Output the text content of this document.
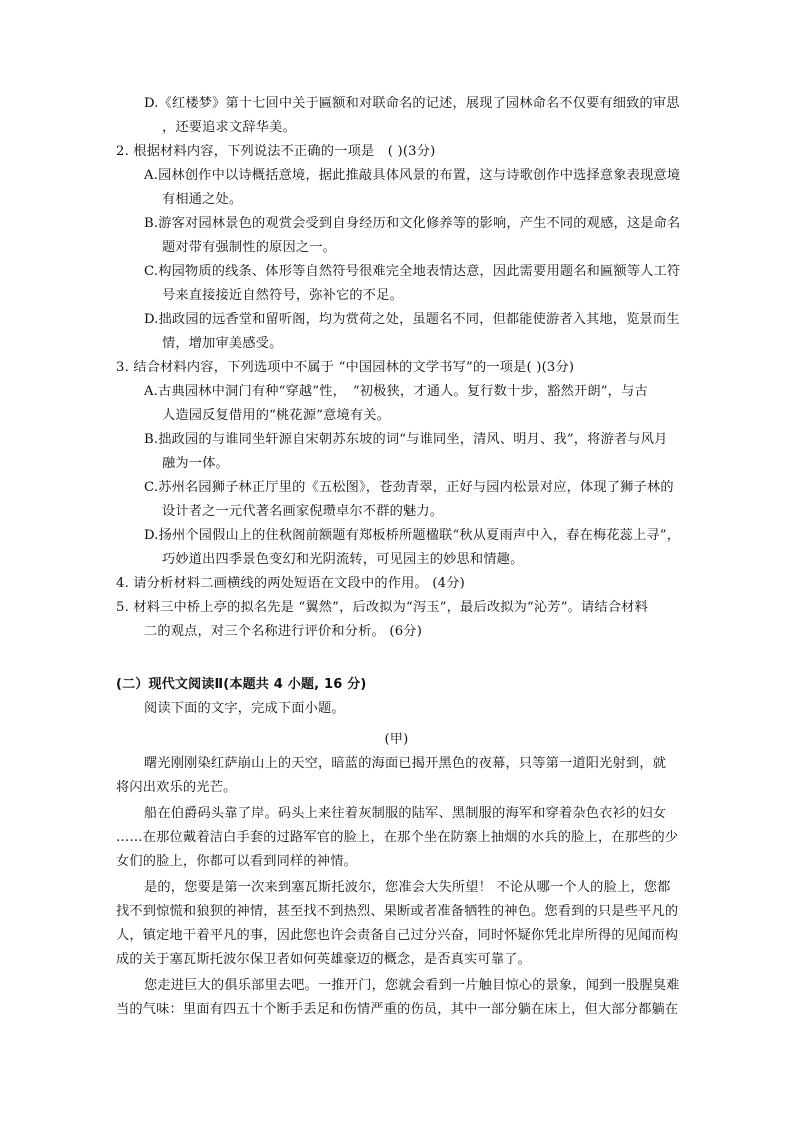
D.《红楼梦》第十七回中关于匾额和对联命名的记述，展现了园林命名不仅要有细致的审思
，还要追求文辞华美。
2. 根据材料内容，下列说法不正确的一项是　( )(3分)
A.园林创作中以诗概括意境，据此推敲具体风景的布置，这与诗歌创作中选择意象表现意境
有相通之处。
B.游客对园林景色的观赏会受到自身经历和文化修养等的影响，产生不同的观感，这是命名
题对带有强制性的原因之一。
C.构园物质的线条、体形等自然符号很难完全地表情达意，因此需要用题名和匾额等人工符
号来直接接近自然符号，弥补它的不足。
D.拙政园的远香堂和留听阁，均为赏荷之处，虽题名不同，但都能使游者入其地，览景而生
情，增加审美感受。
3. 结合材料内容，下列选项中不属于 “中国园林的文学书写”的一项是( )(3分)
A.古典园林中洞门有种“穿越”性，　“初极狭，才通人。复行数十步，豁然开朗”，与古
人造园反复借用的“桃花源”意境有关。
B.拙政园的与谁同坐轩源自宋朝苏东坡的词“与谁同坐，清风、明月、我”，将游者与风月
融为一体。
C.苏州名园狮子林正厅里的《五松图》，苍劲青翠，正好与园内松景对应，体现了狮子林的
设计者之一元代著名画家倪瓒卓尔不群的魅力。
D.扬州个园假山上的住秋阁前额题有郑板桥所题楹联“秋从夏雨声中入，春在梅花蕊上寻”，
巧妙道出四季景色变幻和光阴流转，可见园主的妙思和情趣。
4. 请分析材料二画横线的两处短语在文段中的作用。 (4分)
5. 材料三中桥上亭的拟名先是 “翼然”，后改拟为“泻玉”，最后改拟为“沁芳”。请结合材料
二的观点，对三个名称进行评价和分析。 (6分)
(二）现代文阅读Ⅱ(本题共 4 小题, 16 分)
阅读下面的文字，完成下面小题。
(甲)
曙光刚刚染红萨崩山上的天空，暗蓝的海面已揭开黑色的夜幕，只等第一道阳光射到，就
将闪出欢乐的光芒。
船在伯爵码头靠了岸。码头上来往着灰制服的陆军、黑制服的海军和穿着杂色衣衫的妇女
……在那位戴着洁白手套的过路军官的脸上，在那个坐在防寨上抽烟的水兵的脸上，在那些的少
女们的脸上，你都可以看到同样的神情。
是的，您要是第一次来到塞瓦斯托波尔，您准会大失所望！ 不论从哪一个人的脸上，您都
找不到惊慌和狼狈的神情，甚至找不到热烈、果断或者准备牺牲的神色。您看到的只是些平凡的
人，镇定地干着平凡的事，因此您也许会责备自己过分兴奋，同时怀疑你凭北岸所得的见闻而构
成的关于塞瓦斯托波尔保卫者如何英雄豪迈的概念，是否真实可靠了。
您走进巨大的俱乐部里去吧。一推开门，您就会看到一片触目惊心的景象，闻到一股腥臭难
当的气味：里面有四五十个断手丢足和伤情严重的伤员，其中一部分躺在床上，但大部分都躺在
